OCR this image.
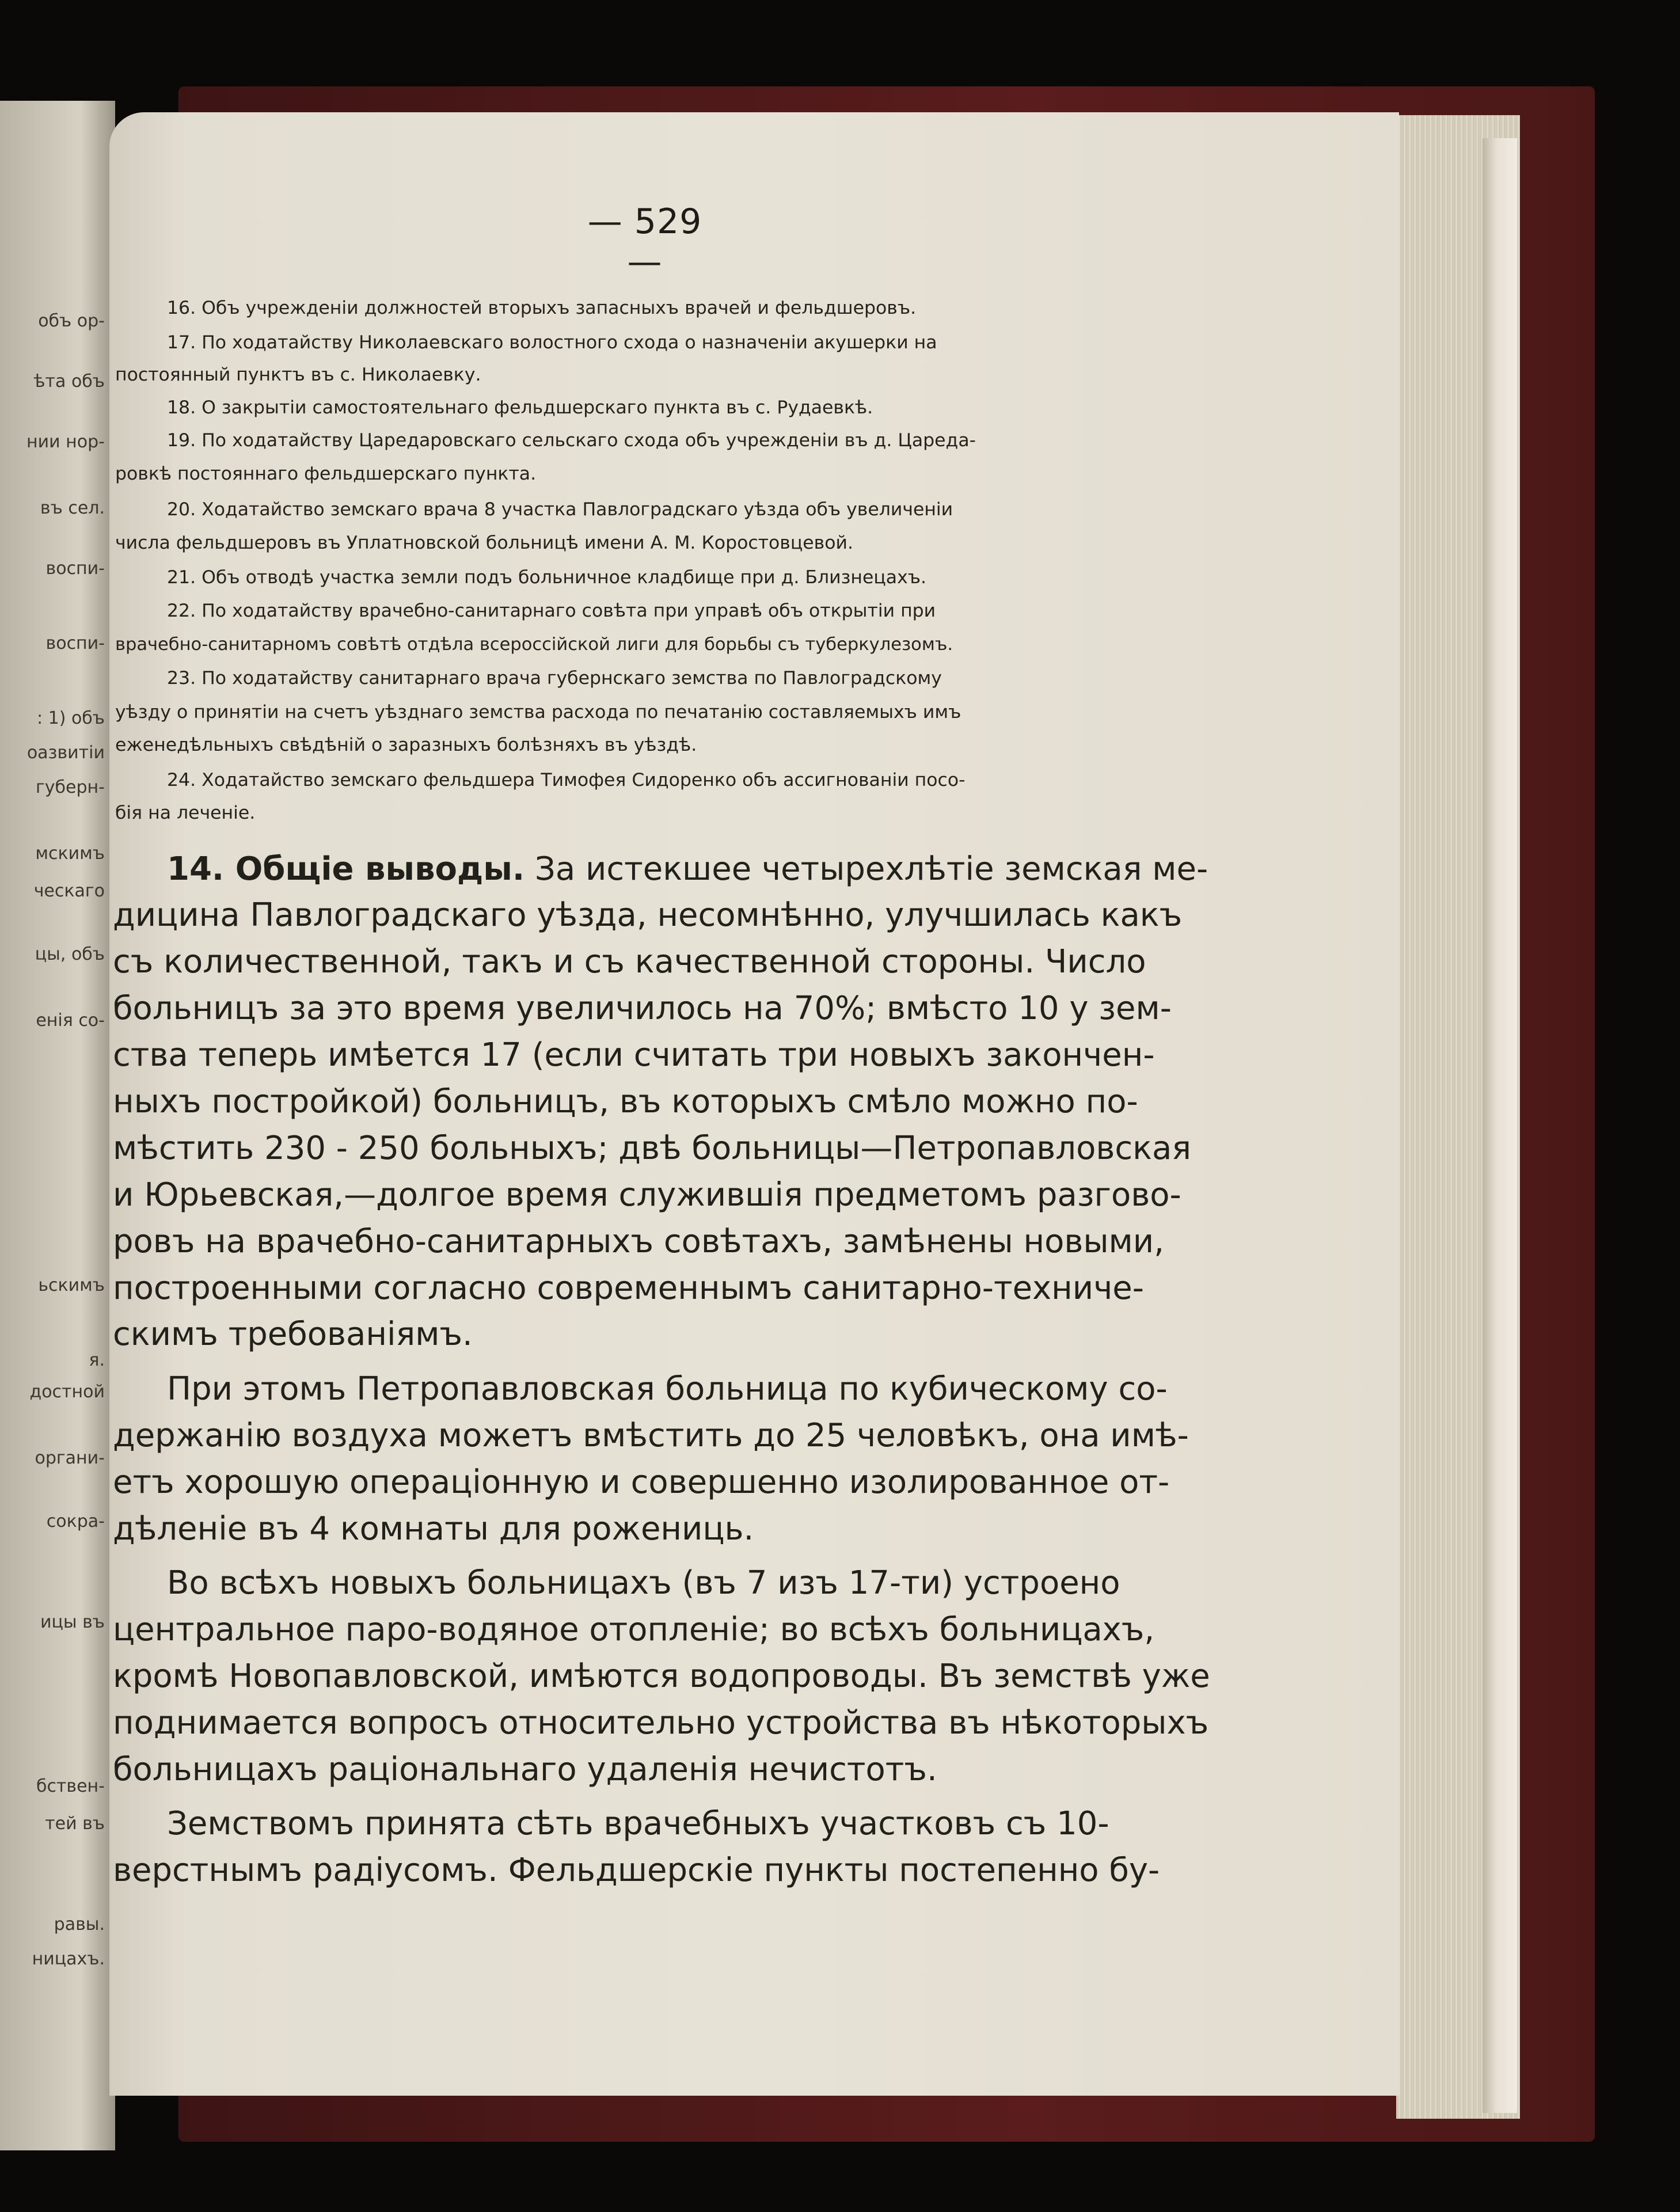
объ ор-
ѣта объ
нии нор-
въ сел.
воспи-
воспи-
: 1) объ
оазвитіи
губерн-
мскимъ
ческаго
цы, объ
енія со-
ьскимъ
я.
достной
органи-
сокра-
ицы въ
бствен-
тей въ
равы.
ницахъ.
— 529 —
16. Объ учрежденіи должностей вторыхъ запасныхъ врачей и фельдшеровъ.
17. По ходатайству Николаевскаго волостного схода о назначеніи акушерки на
постоянный пунктъ въ с. Николаевку.
18. О закрытіи самостоятельнаго фельдшерскаго пункта въ с. Рудаевкѣ.
19. По ходатайству Царедаровскаго сельскаго схода объ учрежденіи въ д. Цареда-
ровкѣ постояннаго фельдшерскаго пункта.
20. Ходатайство земскаго врача 8 участка Павлоградскаго уѣзда объ увеличеніи
числа фельдшеровъ въ Уплатновской больницѣ имени А. М. Коростовцевой.
21. Объ отводѣ участка земли подъ больничное кладбище при д. Близнецахъ.
22. По ходатайству врачебно-санитарнаго совѣта при управѣ объ открытіи при
врачебно-санитарномъ совѣтѣ отдѣла всероссійской лиги для борьбы съ туберкулезомъ.
23. По ходатайству санитарнаго врача губернскаго земства по Павлоградскому
уѣзду о принятіи на счетъ уѣзднаго земства расхода по печатанію составляемыхъ имъ
еженедѣльныхъ свѣдѣній о заразныхъ болѣзняхъ въ уѣздѣ.
24. Ходатайство земскаго фельдшера Тимофея Сидоренко объ ассигнованіи посо-
бія на леченіе.
14. Общіе выводы. За истекшее четырехлѣтіе земская ме-
дицина Павлоградскаго уѣзда, несомнѣнно, улучшилась какъ
съ количественной, такъ и съ качественной стороны. Число
больницъ за это время увеличилось на 70%; вмѣсто 10 у зем-
ства теперь имѣется 17 (если считать три новыхъ закончен-
ныхъ постройкой) больницъ, въ которыхъ смѣло можно по-
мѣстить 230 - 250 больныхъ; двѣ больницы—Петропавловская
и Юрьевская,—долгое время служившія предметомъ разгово-
ровъ на врачебно-санитарныхъ совѣтахъ, замѣнены новыми,
построенными согласно современнымъ санитарно-техниче-
скимъ требованіямъ.
При этомъ Петропавловская больница по кубическому со-
держанію воздуха можетъ вмѣстить до 25 человѣкъ, она имѣ-
етъ хорошую операціонную и совершенно изолированное от-
дѣленіе въ 4 комнаты для рожениць.
Во всѣхъ новыхъ больницахъ (въ 7 изъ 17-ти) устроено
центральное паро-водяное отопленіе; во всѣхъ больницахъ,
кромѣ Новопавловской, имѣются водопроводы. Въ земствѣ уже
поднимается вопросъ относительно устройства въ нѣкоторыхъ
больницахъ раціональнаго удаленія нечистотъ.
Земствомъ принята сѣть врачебныхъ участковъ съ 10-
верстнымъ радіусомъ. Фельдшерскіе пункты постепенно бу-
